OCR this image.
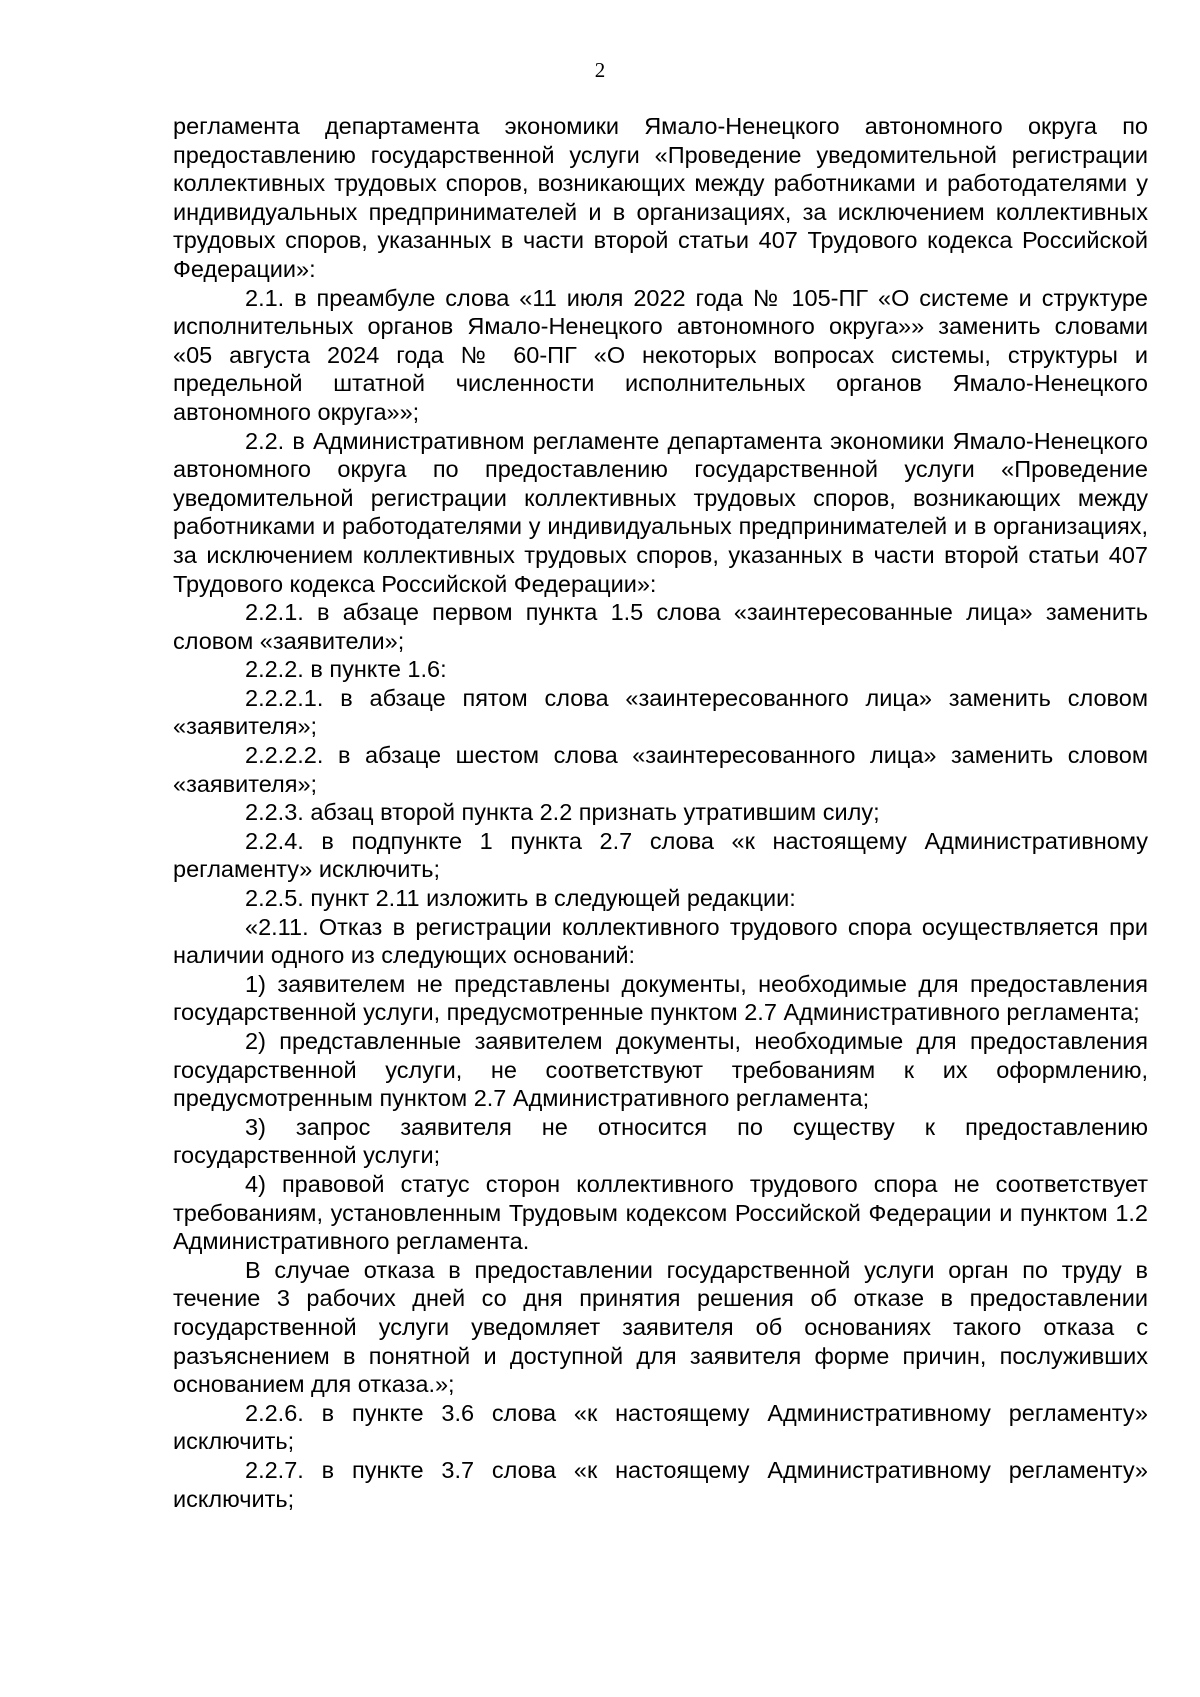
2

регламента департамента экономики Ямало-Ненецкого автономного округа по предоставлению государственной услуги «Проведение уведомительной регистрации коллективных трудовых споров, возникающих между работниками и работодателями у индивидуальных предпринимателей и в организациях, за исключением коллективных трудовых споров, указанных в части второй статьи 407 Трудового кодекса Российской Федерации»:

2.1. в преамбуле слова «11 июля 2022 года № 105-ПГ «О системе и структуре исполнительных органов Ямало-Ненецкого автономного округа»» заменить словами «05 августа 2024 года № 60-ПГ «О некоторых вопросах системы, структуры и предельной штатной численности исполнительных органов Ямало-Ненецкого автономного округа»»;

2.2. в Административном регламенте департамента экономики Ямало-Ненецкого автономного округа по предоставлению государственной услуги «Проведение уведомительной регистрации коллективных трудовых споров, возникающих между работниками и работодателями у индивидуальных предпринимателей и в организациях, за исключением коллективных трудовых споров, указанных в части второй статьи 407 Трудового кодекса Российской Федерации»:

2.2.1. в абзаце первом пункта 1.5 слова «заинтересованные лица» заменить словом «заявители»;

2.2.2. в пункте 1.6:

2.2.2.1. в абзаце пятом слова «заинтересованного лица» заменить словом «заявителя»;

2.2.2.2. в абзаце шестом слова «заинтересованного лица» заменить словом «заявителя»;

2.2.3. абзац второй пункта 2.2 признать утратившим силу;

2.2.4. в подпункте 1 пункта 2.7 слова «к настоящему Административному регламенту» исключить;

2.2.5. пункт 2.11 изложить в следующей редакции:

«2.11. Отказ в регистрации коллективного трудового спора осуществляется при наличии одного из следующих оснований:

1) заявителем не представлены документы, необходимые для предоставления государственной услуги, предусмотренные пунктом 2.7 Административного регламента;

2) представленные заявителем документы, необходимые для предоставления государственной услуги, не соответствуют требованиям к их оформлению, предусмотренным пунктом 2.7 Административного регламента;

3) запрос заявителя не относится по существу к предоставлению государственной услуги;

4) правовой статус сторон коллективного трудового спора не соответствует требованиям, установленным Трудовым кодексом Российской Федерации и пунктом 1.2 Административного регламента.

В случае отказа в предоставлении государственной услуги орган по труду в течение 3 рабочих дней со дня принятия решения об отказе в предоставлении государственной услуги уведомляет заявителя об основаниях такого отказа с разъяснением в понятной и доступной для заявителя форме причин, послуживших основанием для отказа.»;

2.2.6. в пункте 3.6 слова «к настоящему Административному регламенту» исключить;

2.2.7. в пункте 3.7 слова «к настоящему Административному регламенту» исключить;
